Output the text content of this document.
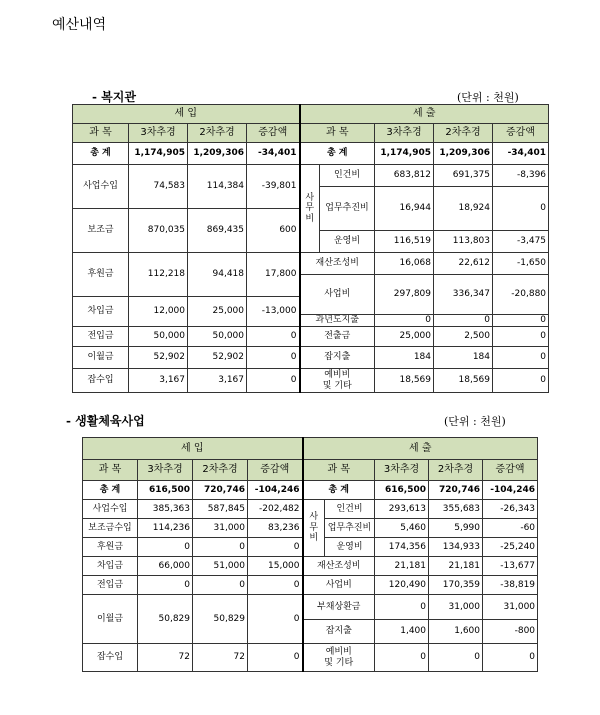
예산내역
- 복지관	(단위 : 천원)
세 입				세 출				
과 목	3차추경	2차추경	증감액	과 목		3차추경	2차추경	증감액
총 계	1,174,905	1,209,306	-34,401	총 계		1,174,905	1,209,306	-34,401
사업수입	74,583	114,384	-39,801	사무비	인건비	683,812	691,375	-8,396
					업무추진비	16,944	18,924	0
보조금	870,035	869,435	600					
					운영비	116,519	113,803	-3,475
후원금	112,218	94,418	17,800	재산조성비		16,068	22,612	-1,650
				사업비		297,809	336,347	-20,880
차입금	12,000	25,000	-13,000					
				과년도지출		0	0	0
전입금	50,000	50,000	0	전출금		25,000	2,500	0
이월금	52,902	52,902	0	잡지출		184	184	0
잡수입	3,167	3,167	0	예비비
및 기타		18,569	18,569	0
- 생활체육사업	(단위 : 천원)
세 입				세 출				
과 목	3차추경	2차추경	증감액	과 목		3차추경	2차추경	증감액
총 계	616,500	720,746	-104,246	총 계		616,500	720,746	-104,246
사업수입	385,363	587,845	-202,482	사무비	인건비	293,613	355,683	-26,343
보조금수입	114,236	31,000	83,236		업무추진비	5,460	5,990	-60
후원금	0	0	0		운영비	174,356	134,933	-25,240
차입금	66,000	51,000	15,000	재산조성비		21,181	21,181	-13,677
전입금	0	0	0	사업비		120,490	170,359	-38,819
이월금	50,829	50,829	0	부채상환금		0	31,000	31,000
				잡지출		1,400	1,600	-800
잡수입	72	72	0	예비비
및 기타		0	0	0
